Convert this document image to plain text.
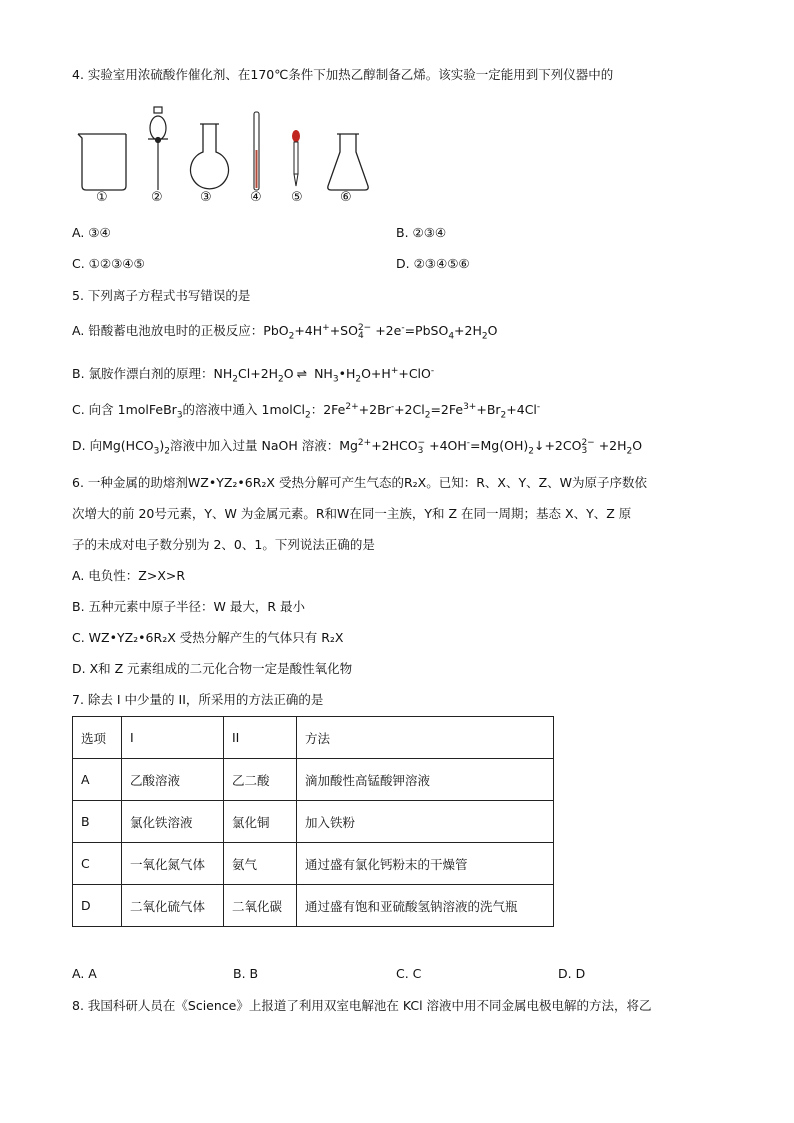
4. 实验室用浓硫酸作催化剂、在170℃条件下加热乙醇制备乙烯。该实验一定能用到下列仪器中的
①	②	③	④ ⑤	⑥
A. ③④	B. ②③④
C. ①②③④⑤	D. ②③④⑤⑥
5. 下列离子方程式书写错误的是
A. 铅酸蓄电池放电时的正极反应：PbO$_2$+4H++SO 2−
$4 +2e^-=PbSO_4+2H_2O$
B. 氯胺作漂白剂的原理：$NH_2Cl+2H_2O$ ⇌ $NH_3•H_2O+H^++ClO^-$
C. 向含 1molFeBr$_3$的溶液中通入 1molCl$_2$：$2Fe^{2+}+2Br^-+2Cl_2=2Fe^{3+}+Br_2+4Cl^-$
D. 向$Mg(HCO_3)_2$溶液中加入过量 NaOH 溶液：$Mg^{2+}+2HCO$ −
$3 +4OH^-=Mg(OH)_2↓+2CO$ 2−
$3 +2H_2O$
6. 一种金属的助熔剂WZ•YZ₂•6R₂X 受热分解可产生气态的R₂X。已知：R、X、Y、Z、W为原子序数依
次增大的前 20号元素，Y、W 为金属元素。R和W在同一主族，Y和 Z 在同一周期；基态 X、Y、Z 原
子的未成对电子数分别为 2、0、1。下列说法正确的是
A. 电负性：Z>X>R
B. 五种元素中原子半径：W 最大，R 最小
C. WZ•YZ₂•6R₂X 受热分解产生的气体只有 R₂X
D. X和 Z 元素组成的二元化合物一定是酸性氧化物
7. 除去 I 中少量的 II，所采用的方法正确的是
选项	I	II	方法
A	乙酸溶液	乙二酸	滴加酸性高锰酸钾溶液
B	氯化铁溶液	氯化铜	加入铁粉
C	一氧化氮气体	氨气	通过盛有氯化钙粉末的干燥管
D	二氧化硫气体	二氧化碳	通过盛有饱和亚硫酸氢钠溶液的洗气瓶
A. A	B. B	C. C	D. D
8. 我国科研人员在《Science》上报道了利用双室电解池在 KCl 溶液中用不同金属电极电解的方法，将乙
